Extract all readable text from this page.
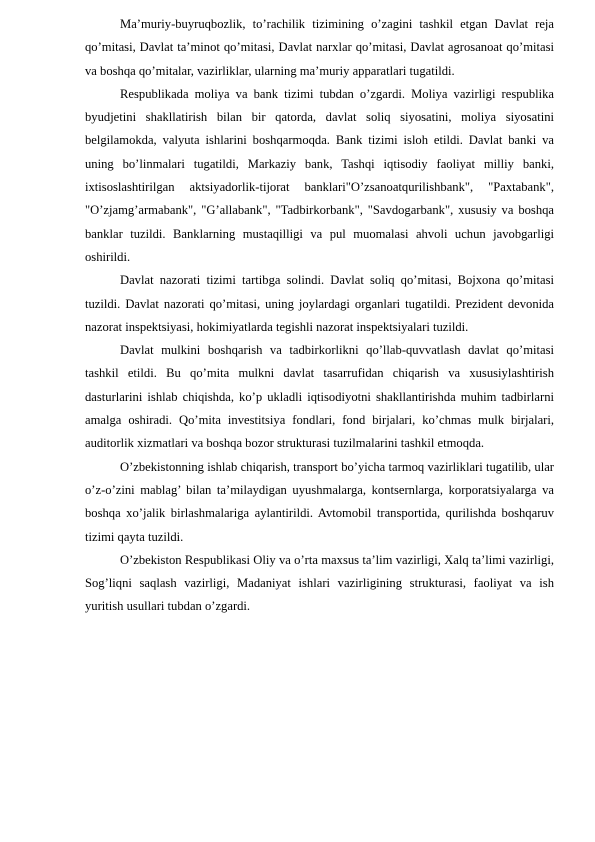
Ma’muriy-buyruqbozlik, to’rachilik tizimining o’zagini tashkil etgan Davlat reja qo’mitasi, Davlat ta’minot qo’mitasi, Davlat narxlar qo’mitasi, Davlat agrosanoat qo’mitasi va boshqa qo’mitalar, vazirliklar, ularning ma’muriy apparatlari tugatildi.

Respublikada moliya va bank tizimi tubdan o’zgardi. Moliya vazirligi respublika byudjetini shakllatirish bilan bir qatorda, davlat soliq siyosatini, moliya siyosatini belgilamokda, valyuta ishlarini boshqarmoqda. Bank tizimi isloh etildi. Davlat banki va uning bo’linmalari tugatildi, Markaziy bank, Tashqi iqtisodiy faoliyat milliy banki, ixtisoslashtirilgan aktsiyadorlik-tijorat banklari"O’zsanoatqurilishbank", "Paxtabank", "O’zjamg’armabank", "G’allabank", "Tadbirkorbank", "Savdogarbank", xususiy va boshqa banklar tuzildi. Banklarning mustaqilligi va pul muomalasi ahvoli uchun javobgarligi oshirildi.

Davlat nazorati tizimi tartibga solindi. Davlat soliq qo’mitasi, Bojxona qo’mitasi tuzildi. Davlat nazorati qo’mitasi, uning joylardagi organlari tugatildi. Prezident devonida nazorat inspektsiyasi, hokimiyatlarda tegishli nazorat inspektsiyalari tuzildi.

Davlat mulkini boshqarish va tadbirkorlikni qo’llab-quvvatlash davlat qo’mitasi tashkil etildi. Bu qo’mita mulkni davlat tasarrufidan chiqarish va xususiylashtirish dasturlarini ishlab chiqishda, ko’p ukladli iqtisodiyotni shakllantirishda muhim tadbirlarni amalga oshiradi. Qo’mita investitsiya fondlari, fond birjalari, ko’chmas mulk birjalari, auditorlik xizmatlari va boshqa bozor strukturasi tuzilmalarini tashkil etmoqda.

O’zbekistonning ishlab chiqarish, transport bo’yicha tarmoq vazirliklari tugatilib, ular o’z-o’zini mablag’ bilan ta’milaydigan uyushmalarga, kontsernlarga, korporatsiyalarga va boshqa xo’jalik birlashmalariga aylantirildi. Avtomobil transportida, qurilishda boshqaruv tizimi qayta tuzildi.

O’zbekiston Respublikasi Oliy va o’rta maxsus ta’lim vazirligi, Xalq ta’limi vazirligi, Sog’liqni saqlash vazirligi, Madaniyat ishlari vazirligining strukturasi, faoliyat va ish yuritish usullari tubdan o’zgardi.
